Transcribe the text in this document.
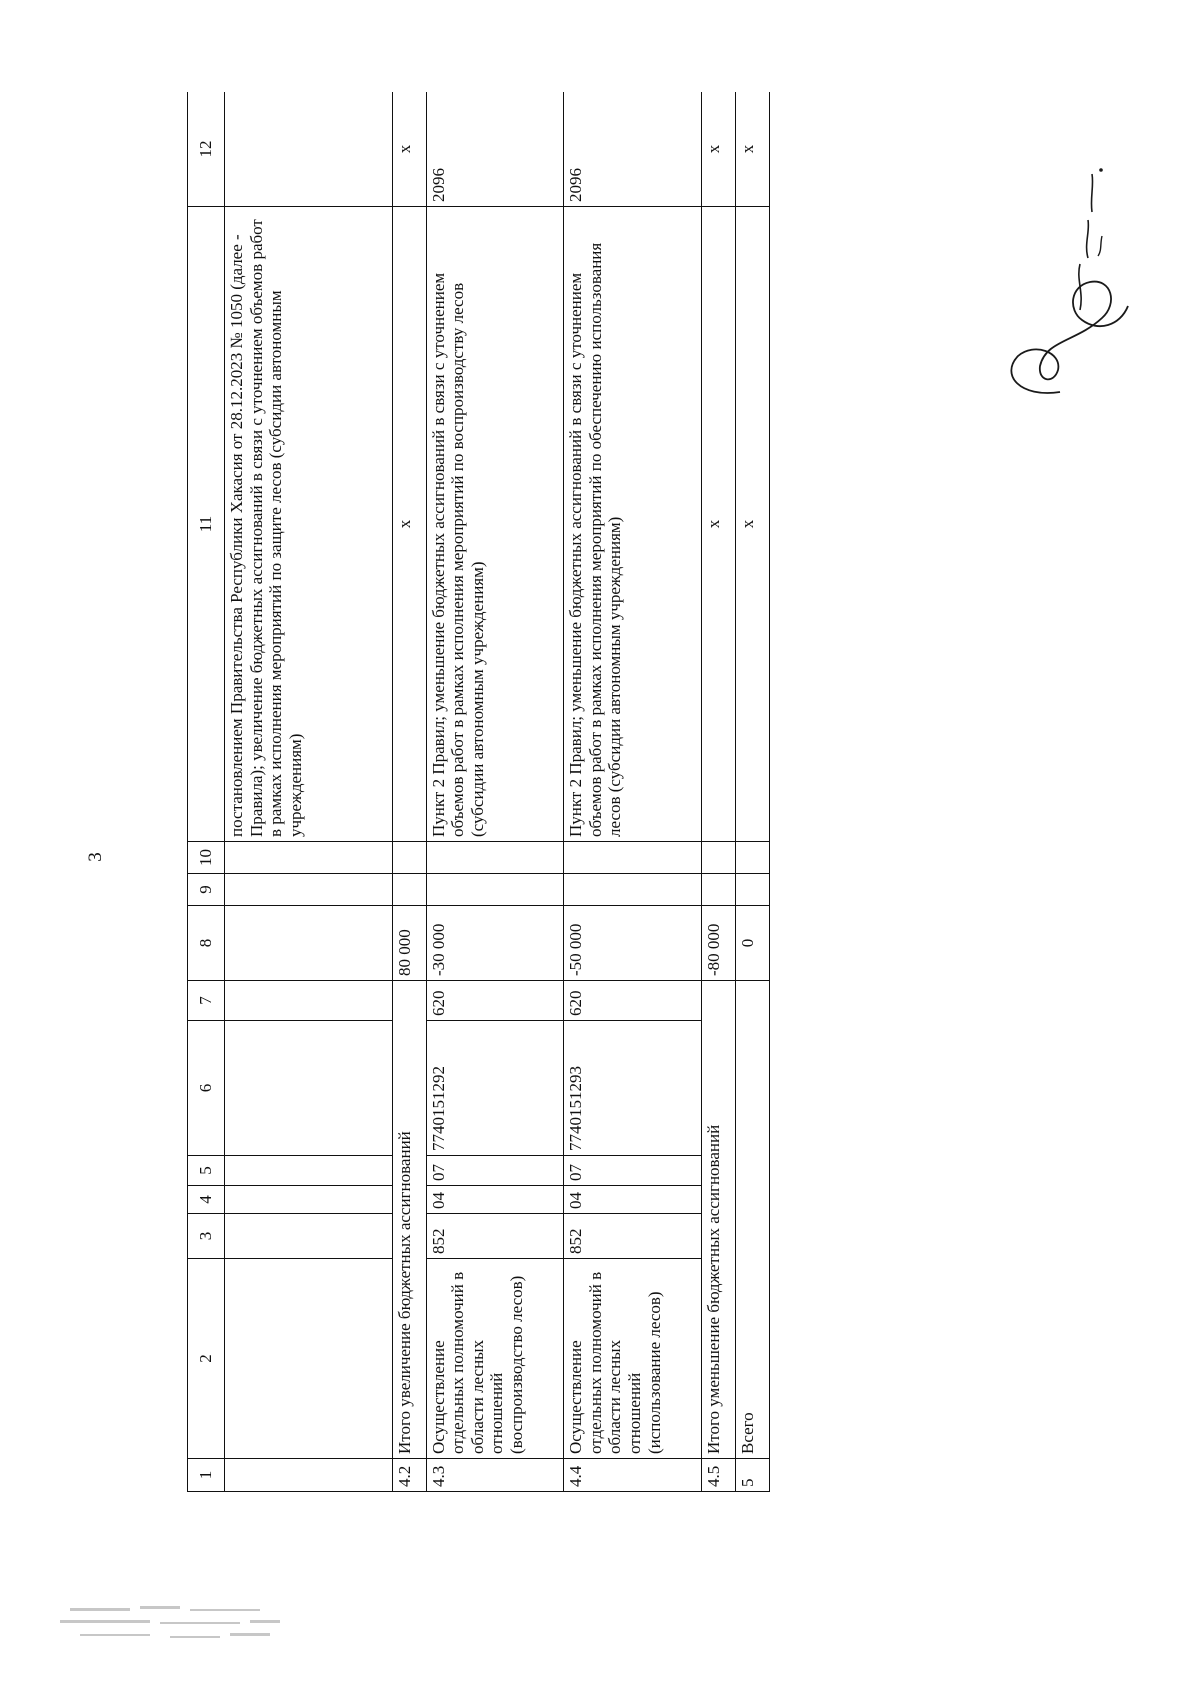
3
1	2	3	4	5	6	7	8	9	10	11	12
										постановлением Правительства Республики Хакасия от 28.12.2023 № 1050 (далее - Правила); увеличение бюджетных ассигнований в связи с уточнением объемов работ в рамках исполнения мероприятий по защите лесов (субсидии автономным учреждениям)	
4.2	Итого увеличение бюджетных ассигнований						80 000			х	х
4.3	Осуществление отдельных полномочий в области лесных отношений (воспроизводство лесов)	852	04	07	7740151292	620	-30 000			Пункт 2 Правил; уменьшение бюджетных ассигнований в связи с уточнением объемов работ в рамках исполнения мероприятий по воспроизводству лесов (субсидии автономным учреждениям)	2096
4.4	Осуществление отдельных полномочий в области лесных отношений (использование лесов)	852	04	07	7740151293	620	-50 000			Пункт 2 Правил; уменьшение бюджетных ассигнований в связи с уточнением объемов работ в рамках исполнения мероприятий по обеспечению использования лесов (субсидии автономным учреждениям)	2096
4.5	Итого уменьшение бюджетных ассигнований						-80 000			х	х
5	Всего						0			х	х
